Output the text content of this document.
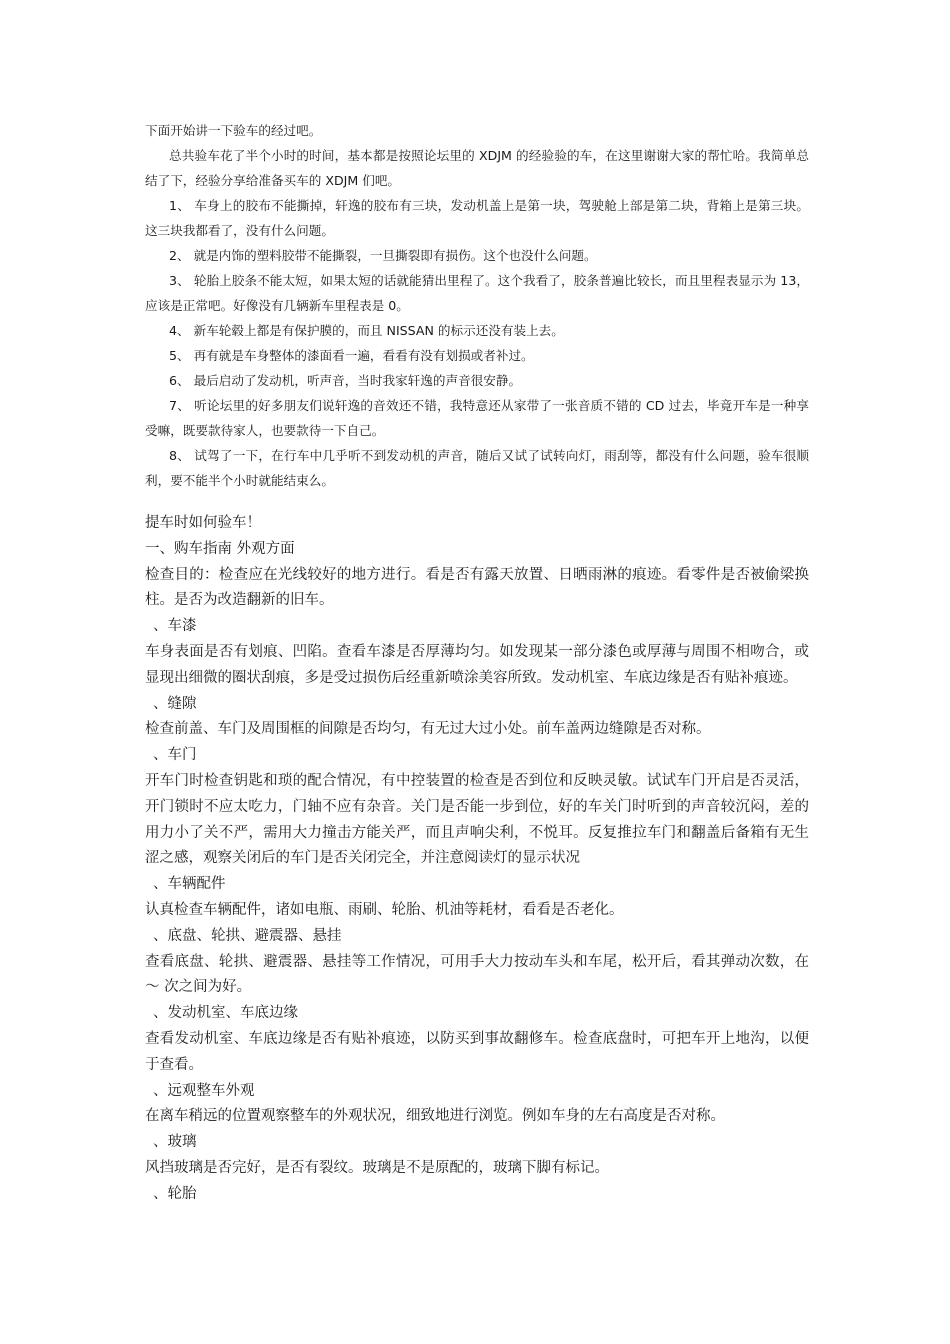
下面开始讲一下验车的经过吧。

总共验车花了半个小时的时间，基本都是按照论坛里的 XDJM 的经验验的车，在这里谢谢大家的帮忙哈。我简单总结了下，经验分享给准备买车的 XDJM 们吧。

1、 车身上的胶布不能撕掉，轩逸的胶布有三块，发动机盖上是第一块，驾驶舱上部是第二块，背箱上是第三块。这三块我都看了，没有什么问题。

2、 就是内饰的塑料胶带不能撕裂，一旦撕裂即有损伤。这个也没什么问题。

3、 轮胎上胶条不能太短，如果太短的话就能猜出里程了。这个我看了，胶条普遍比较长，而且里程表显示为 13，应该是正常吧。好像没有几辆新车里程表是 0。

4、 新车轮毂上都是有保护膜的，而且 NISSAN 的标示还没有装上去。

5、 再有就是车身整体的漆面看一遍，看看有没有划损或者补过。

6、 最后启动了发动机，听声音，当时我家轩逸的声音很安静。

7、 听论坛里的好多朋友们说轩逸的音效还不错，我特意还从家带了一张音质不错的 CD 过去，毕竟开车是一种享受嘛，既要款待家人，也要款待一下自己。

8、 试驾了一下，在行车中几乎听不到发动机的声音，随后又试了试转向灯，雨刮等，都没有什么问题，验车很顺利，要不能半个小时就能结束么。

提车时如何验车！

一、购车指南 外观方面

检查目的：检查应在光线较好的地方进行。看是否有露天放置、日晒雨淋的痕迹。看零件是否被偷梁换柱。是否为改造翻新的旧车。

、车漆

车身表面是否有划痕、凹陷。查看车漆是否厚薄均匀。如发现某一部分漆色或厚薄与周围不相吻合，或显现出细微的圈状刮痕，多是受过损伤后经重新喷涂美容所致。发动机室、车底边缘是否有贴补痕迹。

、缝隙

检查前盖、车门及周围框的间隙是否均匀，有无过大过小处。前车盖两边缝隙是否对称。

、车门

开车门时检查钥匙和琐的配合情况，有中控装置的检查是否到位和反映灵敏。试试车门开启是否灵活，开门锁时不应太吃力，门轴不应有杂音。关门是否能一步到位，好的车关门时听到的声音较沉闷，差的用力小了关不严，需用大力撞击方能关严，而且声响尖利，不悦耳。反复推拉车门和翻盖后备箱有无生涩之感，观察关闭后的车门是否关闭完全，并注意阅读灯的显示状况

、车辆配件

认真检查车辆配件，诸如电瓶、雨刷、轮胎、机油等耗材，看看是否老化。

、底盘、轮拱、避震器、悬挂

查看底盘、轮拱、避震器、悬挂等工作情况，可用手大力按动车头和车尾，松开后，看其弹动次数，在 ～ 次之间为好。

、发动机室、车底边缘

查看发动机室、车底边缘是否有贴补痕迹，以防买到事故翻修车。检查底盘时，可把车开上地沟，以便于查看。

、远观整车外观

在离车稍远的位置观察整车的外观状况，细致地进行浏览。例如车身的左右高度是否对称。

、玻璃

风挡玻璃是否完好，是否有裂纹。玻璃是不是原配的，玻璃下脚有标记。

、轮胎
